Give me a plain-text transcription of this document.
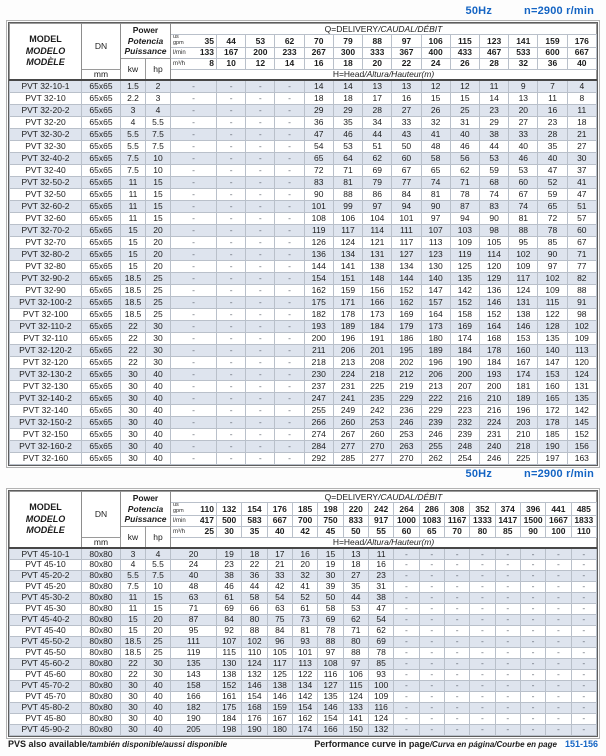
50Hz	n=2900 r/min
MODEL
MODELO
MODÈLE	DN	Power
Potencia
Puissance		Q=DELIVERY/CAUDAL/DÉBIT													

				us
gpm 35	44	53	62	70	79	88	97	106	115	123	141	159	176

				l/min 133	167	200	233	267	300	333	367	400	433	467	533	600	667
		kw	hp	m³/h 8	10	12	14	16	18	20	22	24	26	28	32	36	40
	mm			H=Head/Altura/Hauteur(m)													
PVT 32-10-1	65x65	1.5	2	-	-	-	-	14	14	13	13	12	12	11	9	7	4
PVT 32-10	65x65	2.2	3	-	-	-	-	18	18	17	16	15	15	14	13	11	8
PVT 32-20-2	65x65	3	4	-	-	-	-	29	29	28	27	26	25	23	20	16	11
PVT 32-20	65x65	4	5.5	-	-	-	-	36	35	34	33	32	31	29	27	23	18
PVT 32-30-2	65x65	5.5	7.5	-	-	-	-	47	46	44	43	41	40	38	33	28	21
PVT 32-30	65x65	5.5	7.5	-	-	-	-	54	53	51	50	48	46	44	40	35	27
PVT 32-40-2	65x65	7.5	10	-	-	-	-	65	64	62	60	58	56	53	46	40	30
PVT 32-40	65x65	7.5	10	-	-	-	-	72	71	69	67	65	62	59	53	47	37
PVT 32-50-2	65x65	11	15	-	-	-	-	83	81	79	77	74	71	68	60	52	41
PVT 32-50	65x65	11	15	-	-	-	-	90	88	86	84	81	78	74	67	59	47
PVT 32-60-2	65x65	11	15	-	-	-	-	101	99	97	94	90	87	83	74	65	51
PVT 32-60	65x65	11	15	-	-	-	-	108	106	104	101	97	94	90	81	72	57
PVT 32-70-2	65x65	15	20	-	-	-	-	119	117	114	111	107	103	98	88	78	60
PVT 32-70	65x65	15	20	-	-	-	-	126	124	121	117	113	109	105	95	85	67
PVT 32-80-2	65x65	15	20	-	-	-	-	136	134	131	127	123	119	114	102	90	71
PVT 32-80	65x65	15	20	-	-	-	-	144	141	138	134	130	125	120	109	97	77
PVT 32-90-2	65x65	18.5	25	-	-	-	-	154	151	148	144	140	135	129	117	102	82
PVT 32-90	65x65	18.5	25	-	-	-	-	162	159	156	152	147	142	136	124	109	88
PVT 32-100-2	65x65	18.5	25	-	-	-	-	175	171	166	162	157	152	146	131	115	91
PVT 32-100	65x65	18.5	25	-	-	-	-	182	178	173	169	164	158	152	138	122	98
PVT 32-110-2	65x65	22	30	-	-	-	-	193	189	184	179	173	169	164	146	128	102
PVT 32-110	65x65	22	30	-	-	-	-	200	196	191	186	180	174	168	153	135	109
PVT 32-120-2	65x65	22	30	-	-	-	-	211	206	201	195	189	184	178	160	140	113
PVT 32-120	65x65	22	30	-	-	-	-	218	213	208	202	196	190	184	167	147	120
PVT 32-130-2	65x65	30	40	-	-	-	-	230	224	218	212	206	200	193	174	153	124
PVT 32-130	65x65	30	40	-	-	-	-	237	231	225	219	213	207	200	181	160	131
PVT 32-140-2	65x65	30	40	-	-	-	-	247	241	235	229	222	216	210	189	165	135
PVT 32-140	65x65	30	40	-	-	-	-	255	249	242	236	229	223	216	196	172	142
PVT 32-150-2	65x65	30	40	-	-	-	-	266	260	253	246	239	232	224	203	178	145
PVT 32-150	65x65	30	40	-	-	-	-	274	267	260	253	246	239	231	210	185	152
PVT 32-160-2	65x65	30	40	-	-	-	-	284	277	270	263	255	248	240	218	190	156
PVT 32-160	65x65	30	40	-	-	-	-	292	285	277	270	262	254	246	225	197	163
50Hz	n=2900 r/min
MODEL
MODELO
MODÈLE	DN	Power
Potencia
Puissance		Q=DELIVERY/CAUDAL/DÉBIT															

				us
gpm 110	132	154	176	185	198	220	242	264	286	308	352	374	396	441	485

				l/min 417	500	583	667	700	750	833	917	1000	1083	1167	1333	1417	1500	1667	1833
		kw	hp	m³/h 25	30	35	40	42	45	50	55	60	65	70	80	85	90	100	110
	mm			H=Head/Altura/Hauteur(m)															
PVT 45-10-1	80x80	3	4	20	19	18	17	16	15	13	11	-	-	-	-	-	-	-	-
PVT 45-10	80x80	4	5.5	24	23	22	21	20	19	18	16	-	-	-	-	-	-	-	-
PVT 45-20-2	80x80	5.5	7.5	40	38	36	33	32	30	27	23	-	-	-	-	-	-	-	-
PVT 45-20	80x80	7.5	10	48	46	44	42	41	39	35	31	-	-	-	-	-	-	-	-
PVT 45-30-2	80x80	11	15	63	61	58	54	52	50	44	38	-	-	-	-	-	-	-	-
PVT 45-30	80x80	11	15	71	69	66	63	61	58	53	47	-	-	-	-	-	-	-	-
PVT 45-40-2	80x80	15	20	87	84	80	75	73	69	62	54	-	-	-	-	-	-	-	-
PVT 45-40	80x80	15	20	95	92	88	84	81	78	71	62	-	-	-	-	-	-	-	-
PVT 45-50-2	80x80	18.5	25	111	107	102	96	93	88	80	69	-	-	-	-	-	-	-	-
PVT 45-50	80x80	18.5	25	119	115	110	105	101	97	88	78	-	-	-	-	-	-	-	-
PVT 45-60-2	80x80	22	30	135	130	124	117	113	108	97	85	-	-	-	-	-	-	-	-
PVT 45-60	80x80	22	30	143	138	132	125	122	116	106	93	-	-	-	-	-	-	-	-
PVT 45-70-2	80x80	30	40	158	152	146	138	134	127	115	100	-	-	-	-	-	-	-	-
PVT 45-70	80x80	30	40	166	161	154	146	142	135	124	109	-	-	-	-	-	-	-	-
PVT 45-80-2	80x80	30	40	182	175	168	159	154	146	133	116	-	-	-	-	-	-	-	-
PVT 45-80	80x80	30	40	190	184	176	167	162	154	141	124	-	-	-	-	-	-	-	-
PVT 45-90-2	80x80	30	40	205	198	190	180	174	166	150	132	-	-	-	-	-	-	-	-
PVS also available/también disponible/aussi disponible	Performance curve in page/Curva en página/Courbe en page 151-156
